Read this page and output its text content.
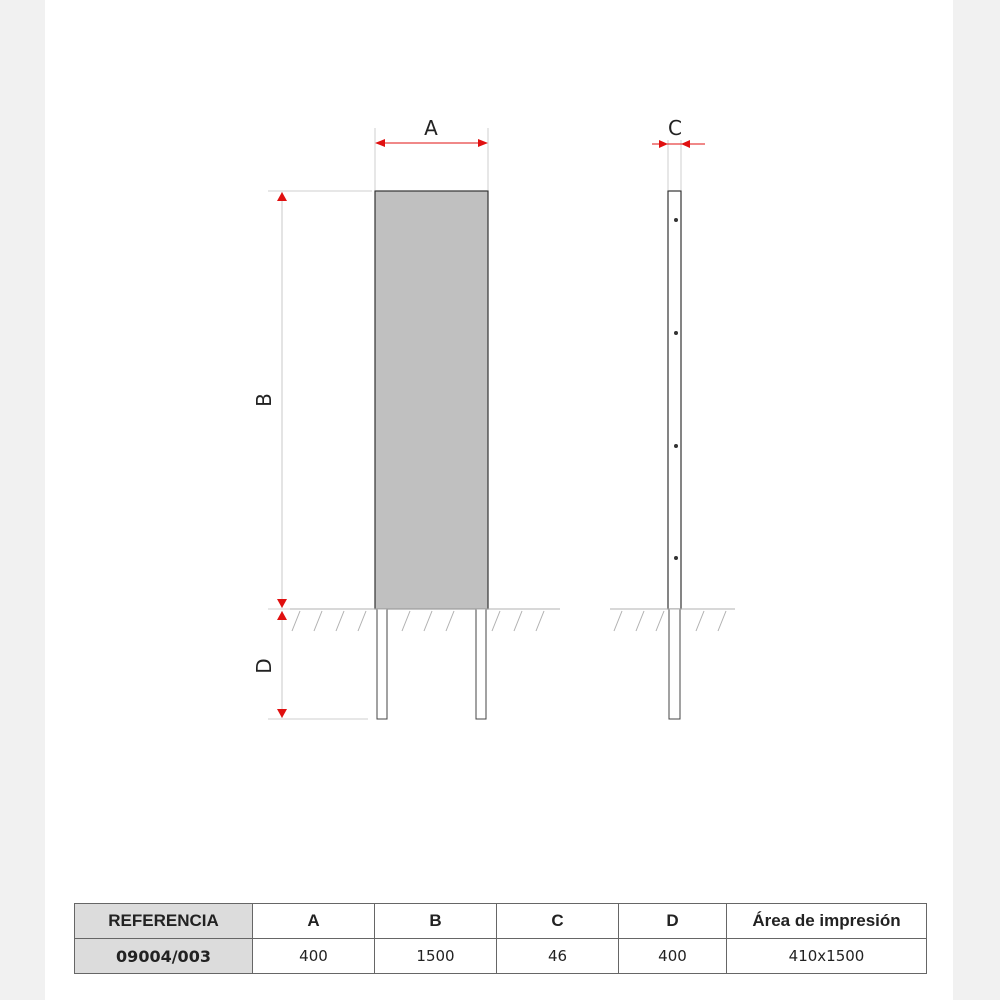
A
B
D
C
REFERENCIA	A	B	C	D	Área de impresión
09004/003	400	1500	46	400	410x1500
